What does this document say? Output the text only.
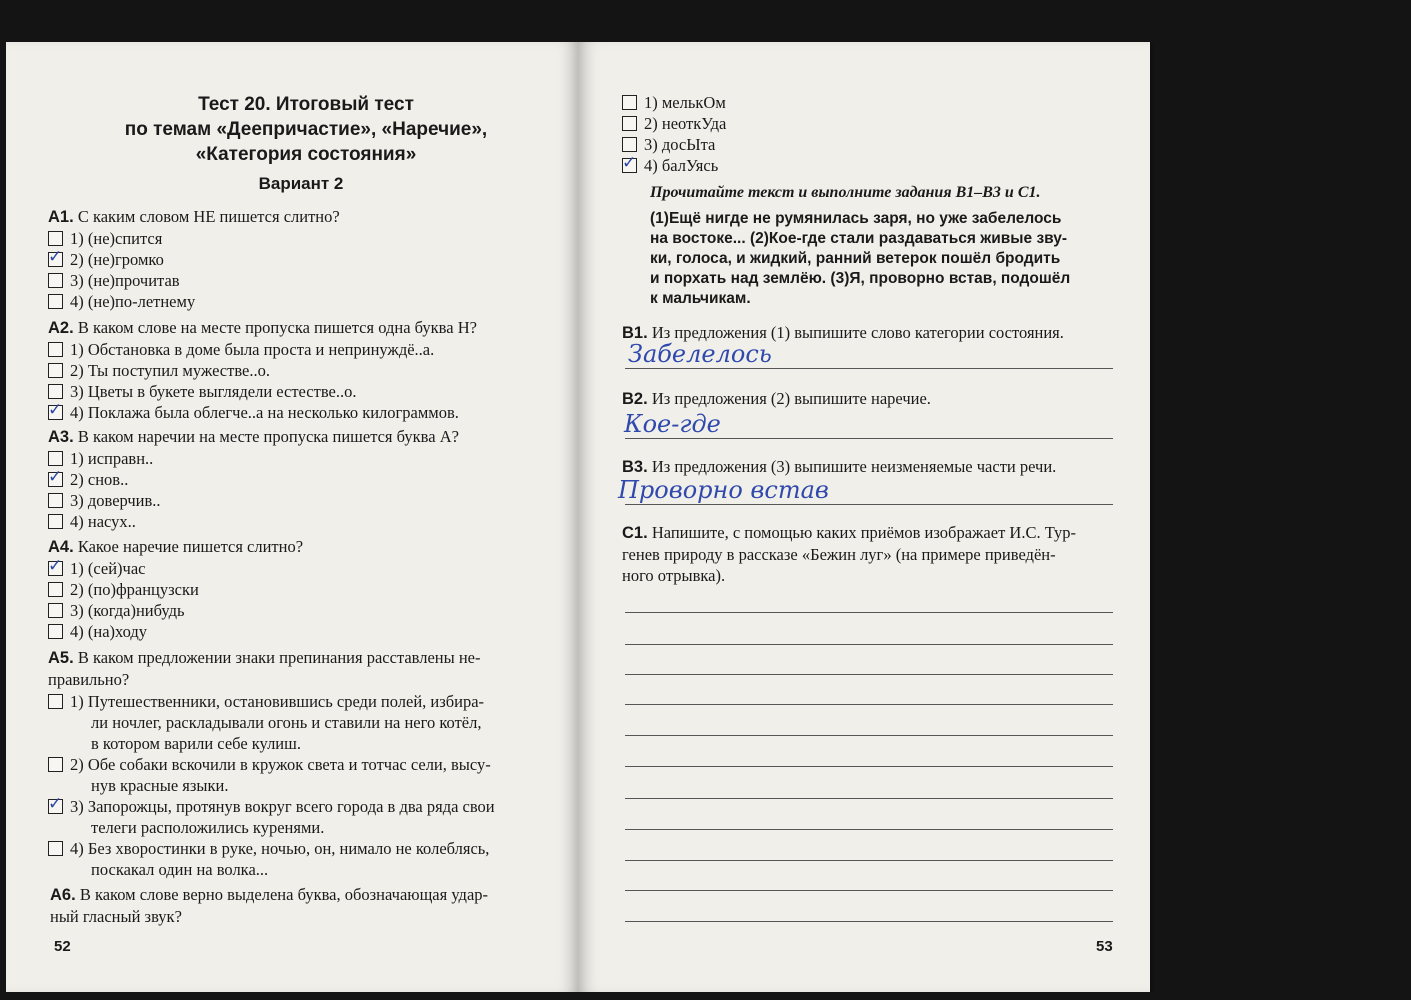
Тест 20. Итоговый тест
по темам «Деепричастие», «Наречие»,
«Категория состояния»
Вариант 2
А1. С каким словом НЕ пишется слитно?
1) (не)спится
✓ 2) (не)громко
3) (не)прочитав
4) (не)по-летнему
А2. В каком слове на месте пропуска пишется одна буква Н?
1) Обстановка в доме была проста и непринуждё..а.
2) Ты поступил мужестве..о.
3) Цветы в букете выглядели естестве..о.
✓ 4) Поклажа была облегче..а на несколько килограммов.
А3. В каком наречии на месте пропуска пишется буква А?
1) исправн..
✓ 2) снов..
3) доверчив..
4) насух..
А4. Какое наречие пишется слитно?
✓ 1) (сей)час
2) (по)французски
3) (когда)нибудь
4) (на)ходу
А5. В каком предложении знаки препинания расставлены не-
правильно?
1) Путешественники, остановившись среди полей, избира-
ли ночлег, раскладывали огонь и ставили на него котёл,
в котором варили себе кулиш.
2) Обе собаки вскочили в кружок света и тотчас сели, высу-
нув красные языки.
✓ 3) Запорожцы, протянув вокруг всего города в два ряда свои
телеги расположились куренями.
4) Без хворостинки в руке, ночью, он, нимало не колеблясь,
поскакал один на волка...
А6. В каком слове верно выделена буква, обозначающая удар-
ный гласный звук?
52
1) мелькОм
2) неоткУда
3) досЫта
✓ 4) балУясь
Прочитайте текст и выполните задания В1–В3 и С1.
(1)Ещё нигде не румянилась заря, но уже забелелось
на востоке... (2)Кое-где стали раздаваться живые зву-
ки, голоса, и жидкий, ранний ветерок пошёл бродить
и порхать над землёю. (3)Я, проворно встав, подошёл
к мальчикам.
В1. Из предложения (1) выпишите слово категории состояния.
Забелелось
В2. Из предложения (2) выпишите наречие.
Кое-где
В3. Из предложения (3) выпишите неизменяемые части речи.
Проворно встав
С1. Напишите, с помощью каких приёмов изображает И.С. Тур-
генев природу в рассказе «Бежин луг» (на примере приведён-
ного отрывка).
53
